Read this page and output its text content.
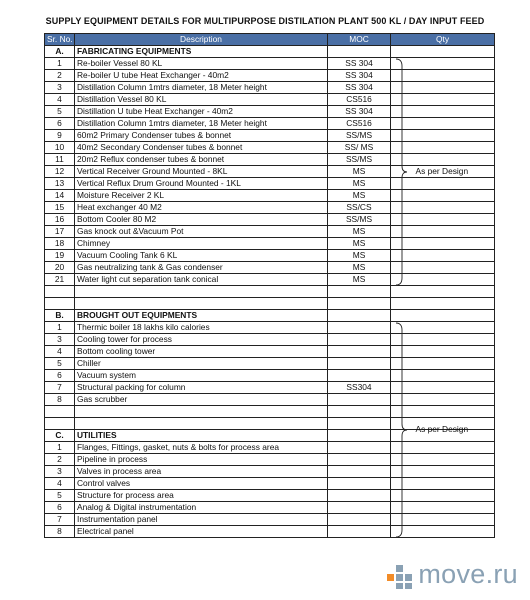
SUPPLY EQUIPMENT DETAILS FOR MULTIPURPOSE DISTILATION PLANT 500 KL / DAY INPUT FEED
Sr. No.	Description	MOC	Qty
A.	FABRICATING EQUIPMENTS		
1	Re-boiler Vessel 80 KL	SS 304	
2	Re-boiler U tube Heat Exchanger - 40m2	SS 304	
3	Distillation Column 1mtrs diameter, 18 Meter height	SS 304	
4	Distillation Vessel 80 KL	CS516	
5	Distillation U tube Heat Exchanger - 40m2	SS 304	
6	Distillation Column 1mtrs diameter, 18 Meter height	CS516	
9	60m2 Primary Condenser tubes & bonnet	SS/MS	
10	40m2 Secondary Condenser tubes & bonnet	SS/ MS	
11	20m2 Reflux condenser tubes & bonnet	SS/MS	
12	Vertical Receiver Ground Mounted - 8KL	MS	
13	Vertical Reflux Drum Ground Mounted - 1KL	MS	
14	Moisture Receiver 2 KL	MS	
15	Heat exchanger 40 M2	SS/CS	
16	Bottom Cooler 80 M2	SS/MS	
17	Gas knock out &Vacuum Pot	MS	
18	Chimney	MS	
19	Vacuum Cooling Tank 6 KL	MS	
20	Gas neutralizing tank & Gas condenser	MS	
21	Water light cut separation tank conical	MS	

B.	BROUGHT OUT EQUIPMENTS		
1	Thermic boiler 18 lakhs kilo calories		
3	Cooling tower for process		
4	Bottom cooling tower		
5	Chiller		
6	Vacuum system		
7	Structural packing for column	SS304	
8	Gas scrubber		

C.	UTILITIES		
1	Flanges, Fittings, gasket, nuts & bolts for process area		
2	Pipeline in process		
3	Valves in process area		
4	Control valves		
5	Structure for process area		
6	Analog & Digital instrumentation		
7	Instrumentation panel		
8	Electrical panel		
As per Design
As per Design
move.ru
